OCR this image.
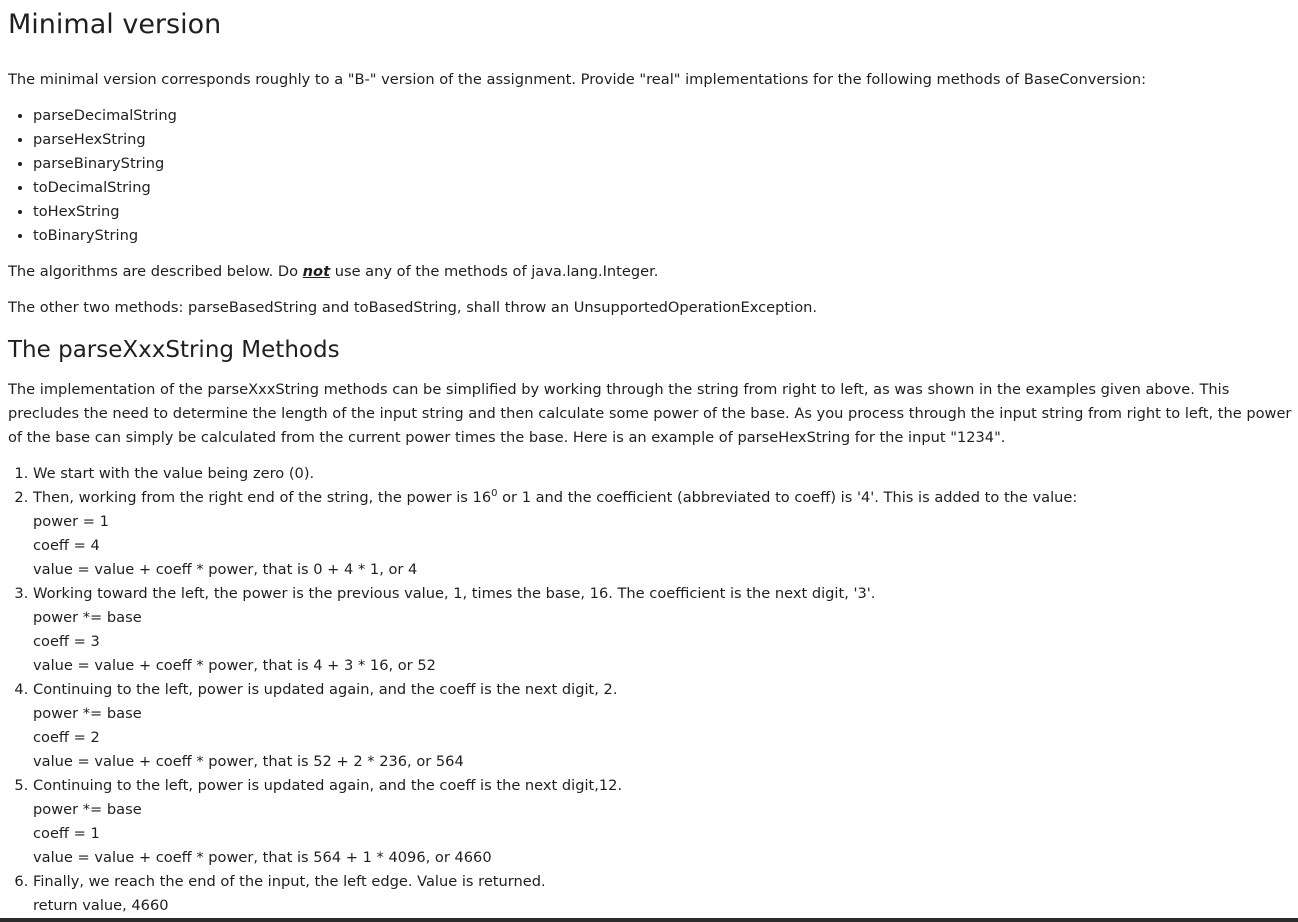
Minimal version

The minimal version corresponds roughly to a "B-" version of the assignment. Provide "real" implementations for the following methods of BaseConversion:

• parseDecimalString
• parseHexString
• parseBinaryString
• toDecimalString
• toHexString
• toBinaryString

The algorithms are described below. Do not use any of the methods of java.lang.Integer.

The other two methods: parseBasedString and toBasedString, shall throw an UnsupportedOperationException.

The parseXxxString Methods

The implementation of the parseXxxString methods can be simplified by working through the string from right to left, as was shown in the examples given above. This precludes the need to determine the length of the input string and then calculate some power of the base. As you process through the input string from right to left, the power of the base can simply be calculated from the current power times the base. Here is an example of parseHexString for the input "1234".

1. We start with the value being zero (0).
2. Then, working from the right end of the string, the power is $16^0$ or 1 and the coefficient (abbreviated to coeff) is '4'. This is added to the value:
power = 1
coeff = 4
value = value + coeff * power, that is 0 + 4 * 1, or 4
3. Working toward the left, the power is the previous value, 1, times the base, 16. The coefficient is the next digit, '3'.
power *= base
coeff = 3
value = value + coeff * power, that is 4 + 3 * 16, or 52
4. Continuing to the left, power is updated again, and the coeff is the next digit, 2.
power *= base
coeff = 2
value = value + coeff * power, that is 52 + 2 * 236, or 564
5. Continuing to the left, power is updated again, and the coeff is the next digit,12.
power *= base
coeff = 1
value = value + coeff * power, that is 564 + 1 * 4096, or 4660
6. Finally, we reach the end of the input, the left edge. Value is returned.
return value, 4660
